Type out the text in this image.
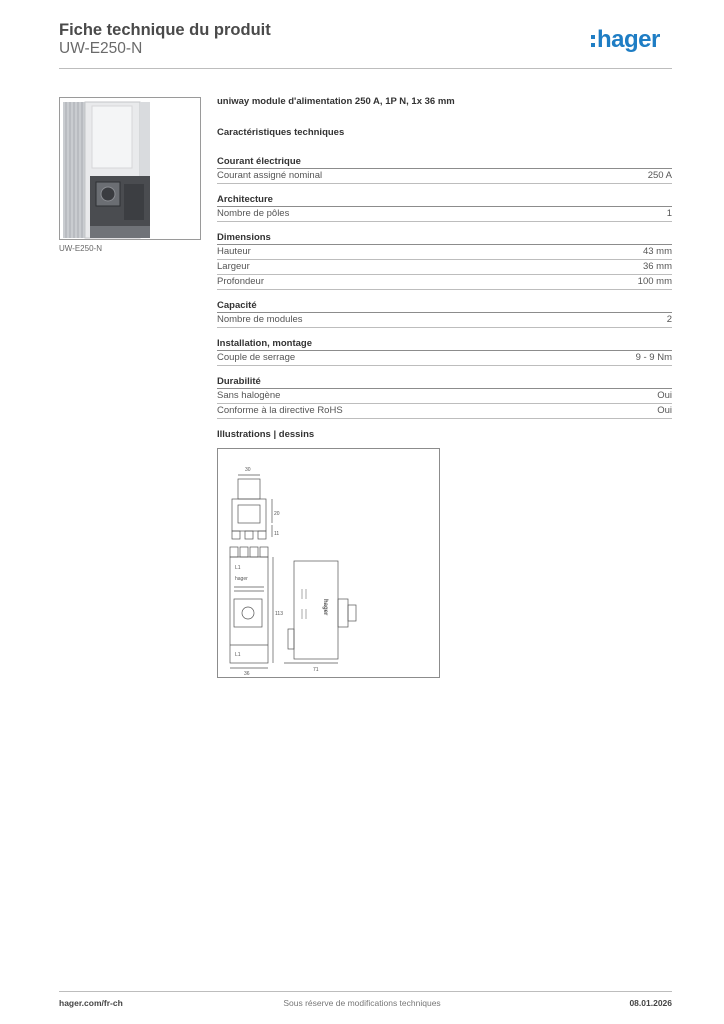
Fiche technique du produit
UW-E250-N	hager
UW-E250-N
uniway module d'alimentation 250 A, 1P N, 1x 36 mm
Caractéristiques techniques
Courant électrique
Courant assigné nominal	250 A
Architecture
Nombre de pôles	1
Dimensions
Hauteur	43 mm
Largeur	36 mm
Profondeur	100 mm
Capacité
Nombre de modules	2
Installation, montage
Couple de serrage	9 - 9 Nm
Durabilité
Sans halogène	Oui
Conforme à la directive RoHS	Oui
Illustrations | dessins
30
20
11
L1
hager
L1
113
36
hager
71
hager.com/fr-ch	Sous réserve de modifications techniques	08.01.2026
